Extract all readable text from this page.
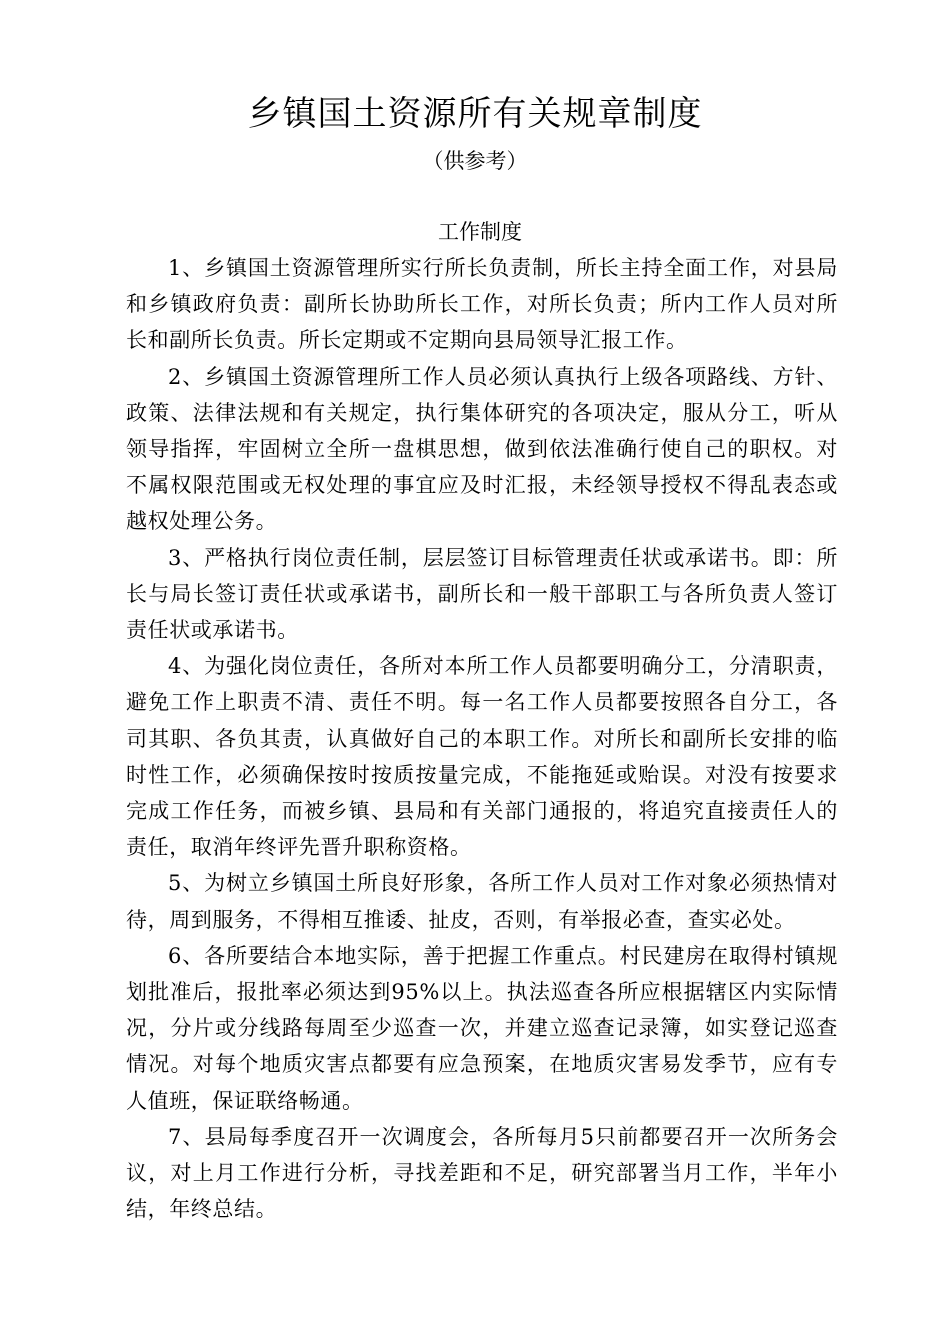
乡镇国土资源所有关规章制度
（供参考）
工作制度

1、乡镇国土资源管理所实行所长负责制，所长主持全面工作，对县局和乡镇政府负责：副所长协助所长工作，对所长负责；所内工作人员对所长和副所长负责。所长定期或不定期向县局领导汇报工作。

2、乡镇国土资源管理所工作人员必须认真执行上级各项路线、方针、政策、法律法规和有关规定，执行集体研究的各项决定，服从分工，听从领导指挥，牢固树立全所一盘棋思想，做到依法准确行使自己的职权。对不属权限范围或无权处理的事宜应及时汇报，未经领导授权不得乱表态或越权处理公务。

3、严格执行岗位责任制，层层签订目标管理责任状或承诺书。即：所长与局长签订责任状或承诺书，副所长和一般干部职工与各所负责人签订责任状或承诺书。

4、为强化岗位责任，各所对本所工作人员都要明确分工，分清职责，避免工作上职责不清、责任不明。每一名工作人员都要按照各自分工，各司其职、各负其责，认真做好自己的本职工作。对所长和副所长安排的临时性工作，必须确保按时按质按量完成，不能拖延或贻误。对没有按要求完成工作任务，而被乡镇、县局和有关部门通报的，将追究直接责任人的责任，取消年终评先晋升职称资格。

5、为树立乡镇国土所良好形象，各所工作人员对工作对象必须热情对待，周到服务，不得相互推诿、扯皮，否则，有举报必查，查实必处。

6、各所要结合本地实际，善于把握工作重点。村民建房在取得村镇规划批准后，报批率必须达到95%以上。执法巡查各所应根据辖区内实际情况，分片或分线路每周至少巡查一次，并建立巡查记录簿，如实登记巡查情况。对每个地质灾害点都要有应急预案，在地质灾害易发季节，应有专人值班，保证联络畅通。

7、县局每季度召开一次调度会，各所每月5只前都要召开一次所务会议，对上月工作进行分析，寻找差距和不足，研究部署当月工作，半年小结，年终总结。
